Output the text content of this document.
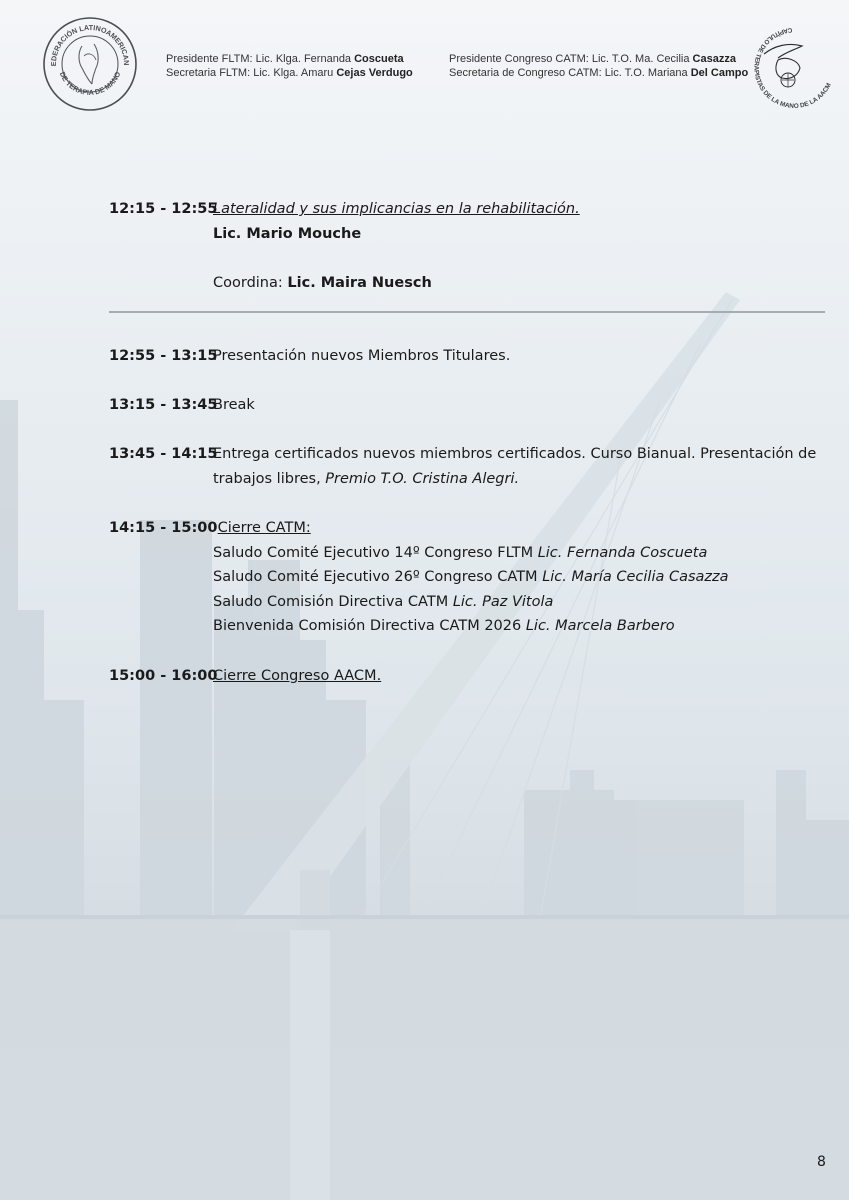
EDERACIÓN LATINOAMERICAN
DE TERAPIA DE MANO
Presidente FLTM: Lic. Klga. Fernanda Coscueta
Secretaria FLTM: Lic. Klga. Amaru Cejas Verdugo
Presidente Congreso CATM: Lic. T.O. Ma. Cecilia Casazza
Secretaria de Congreso CATM: Lic. T.O. Mariana Del Campo
CAPÍTULO DE TERAPISTAS DE LA MANO DE LA AACM
12:15 - 12:55
Lateralidad y sus implicancias en la rehabilitación.
Lic. Mario Mouche

Coordina: Lic. Maira Nuesch
12:55 - 13:15
Presentación nuevos Miembros Titulares.
13:15 - 13:45
Break
13:45 - 14:15
Entrega certificados nuevos miembros certificados. Curso Bianual. Presentación de
trabajos libres, Premio T.O. Cristina Alegri.
14:15 - 15:00 Cierre CATM:
Saludo Comité Ejecutivo 14º Congreso FLTM Lic. Fernanda Coscueta
Saludo Comité Ejecutivo 26º Congreso CATM Lic. María Cecilia Casazza
Saludo Comisión Directiva CATM Lic. Paz Vitola
Bienvenida Comisión Directiva CATM 2026 Lic. Marcela Barbero
15:00 - 16:00
Cierre Congreso AACM.
8
